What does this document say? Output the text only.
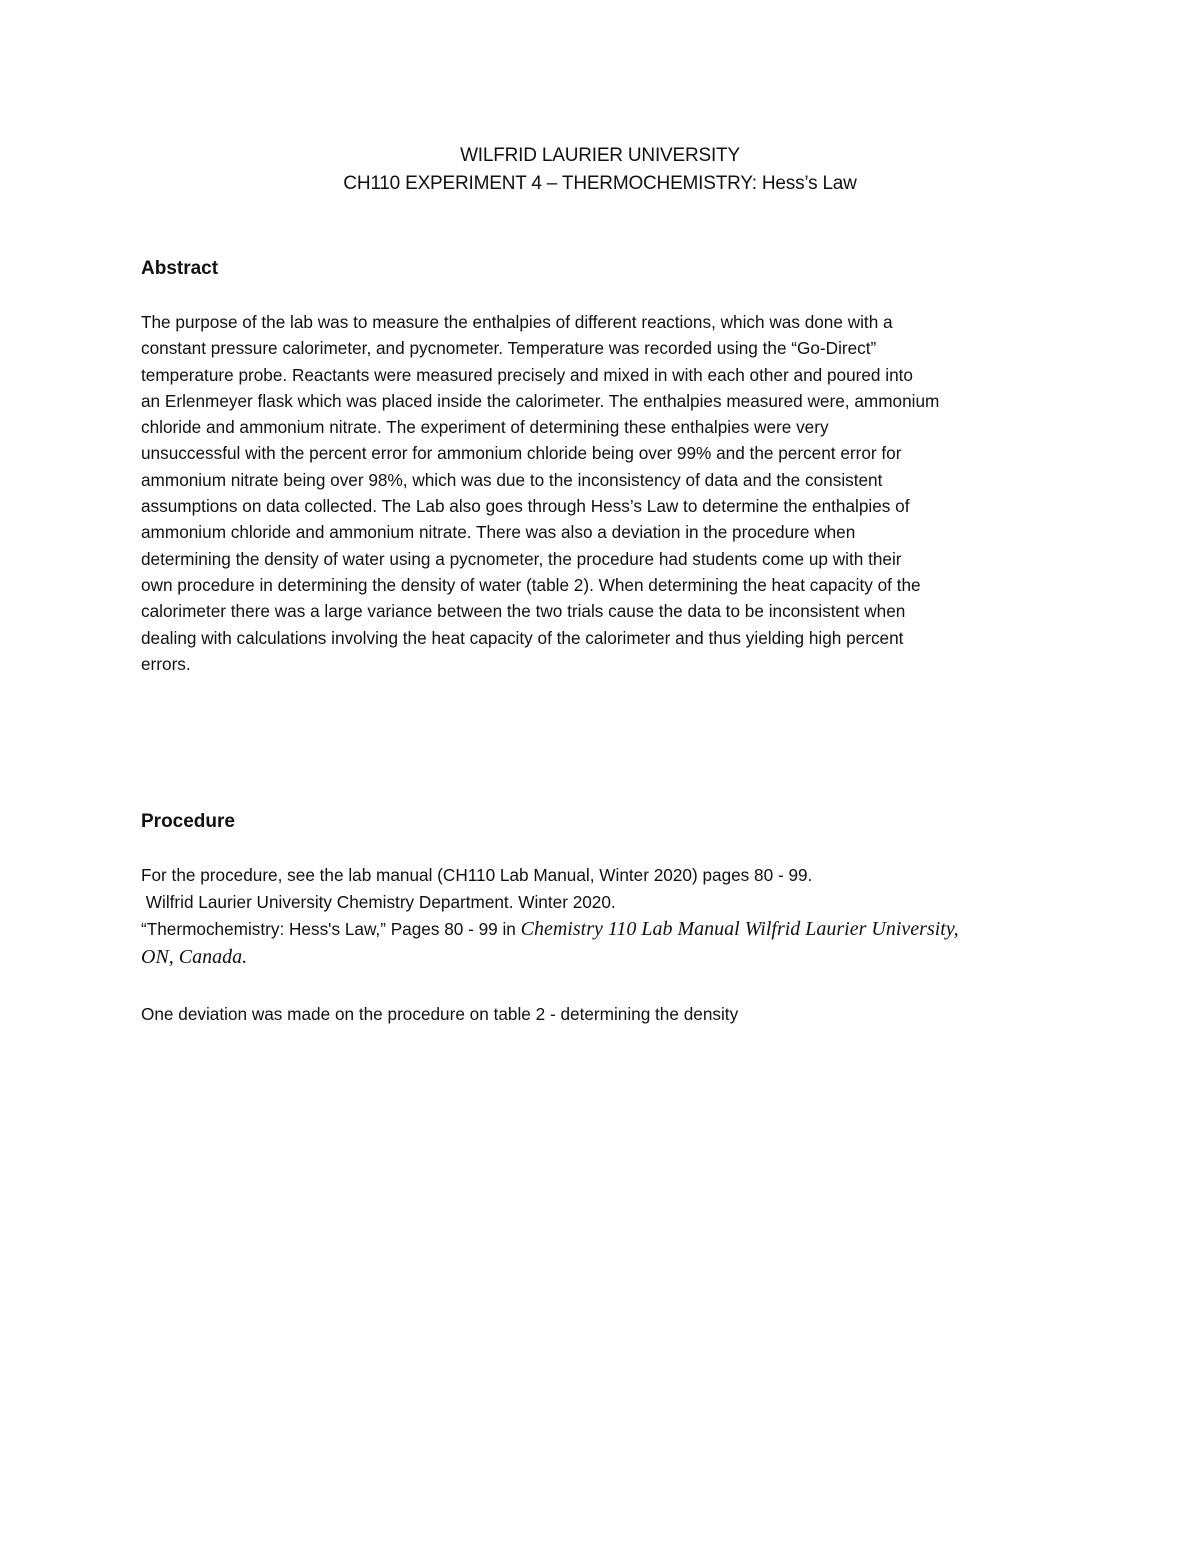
WILFRID LAURIER UNIVERSITY
CH110 EXPERIMENT 4 – THERMOCHEMISTRY: Hess’s Law
Abstract
The purpose of the lab was to measure the enthalpies of different reactions, which was done with a
constant pressure calorimeter, and pycnometer. Temperature was recorded using the “Go-Direct”
temperature probe. Reactants were measured precisely and mixed in with each other and poured into
an Erlenmeyer flask which was placed inside the calorimeter. The enthalpies measured were, ammonium
chloride and ammonium nitrate. The experiment of determining these enthalpies were very
unsuccessful with the percent error for ammonium chloride being over 99% and the percent error for
ammonium nitrate being over 98%, which was due to the inconsistency of data and the consistent
assumptions on data collected. The Lab also goes through Hess’s Law to determine the enthalpies of
ammonium chloride and ammonium nitrate. There was also a deviation in the procedure when
determining the density of water using a pycnometer, the procedure had students come up with their
own procedure in determining the density of water (table 2). When determining the heat capacity of the
calorimeter there was a large variance between the two trials cause the data to be inconsistent when
dealing with calculations involving the heat capacity of the calorimeter and thus yielding high percent
errors.
Procedure
For the procedure, see the lab manual (CH110 Lab Manual, Winter 2020) pages 80 - 99.
Wilfrid Laurier University Chemistry Department. Winter 2020.
“Thermochemistry: Hess's Law,” Pages 80 - 99 in Chemistry 110 Lab Manual Wilfrid Laurier University,
ON, Canada.
One deviation was made on the procedure on table 2 - determining the density
